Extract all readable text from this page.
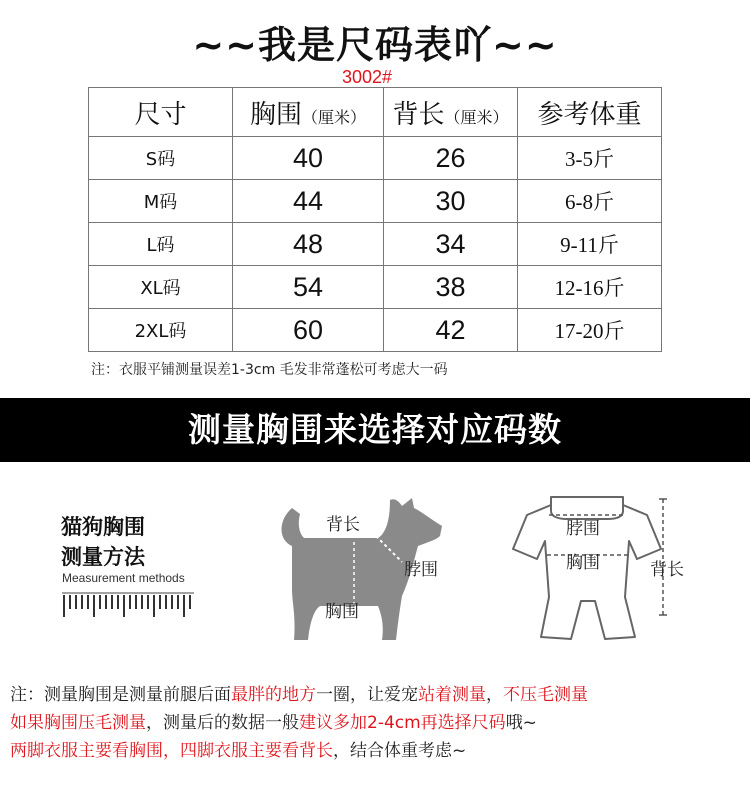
~~我是尺码表吖~~
3002#
尺寸	胸围（厘米）	背长（厘米）	参考体重
S码	40	26	3-5斤
M码	44	30	6-8斤
L码	48	34	9-11斤
XL码	54	38	12-16斤
2XL码	60	42	17-20斤
注：衣服平铺测量误差1-3cm 毛发非常蓬松可考虑大一码
测量胸围来选择对应码数
猫狗胸围
测量方法
Measurement methods
背长
脖围
胸围
脖围
胸围	背长
注：测量胸围是测量前腿后面最胖的地方一圈，让爱宠站着测量，不压毛测量
如果胸围压毛测量，测量后的数据一般建议多加2-4cm再选择尺码哦~
两脚衣服主要看胸围，四脚衣服主要看背长，结合体重考虑~
